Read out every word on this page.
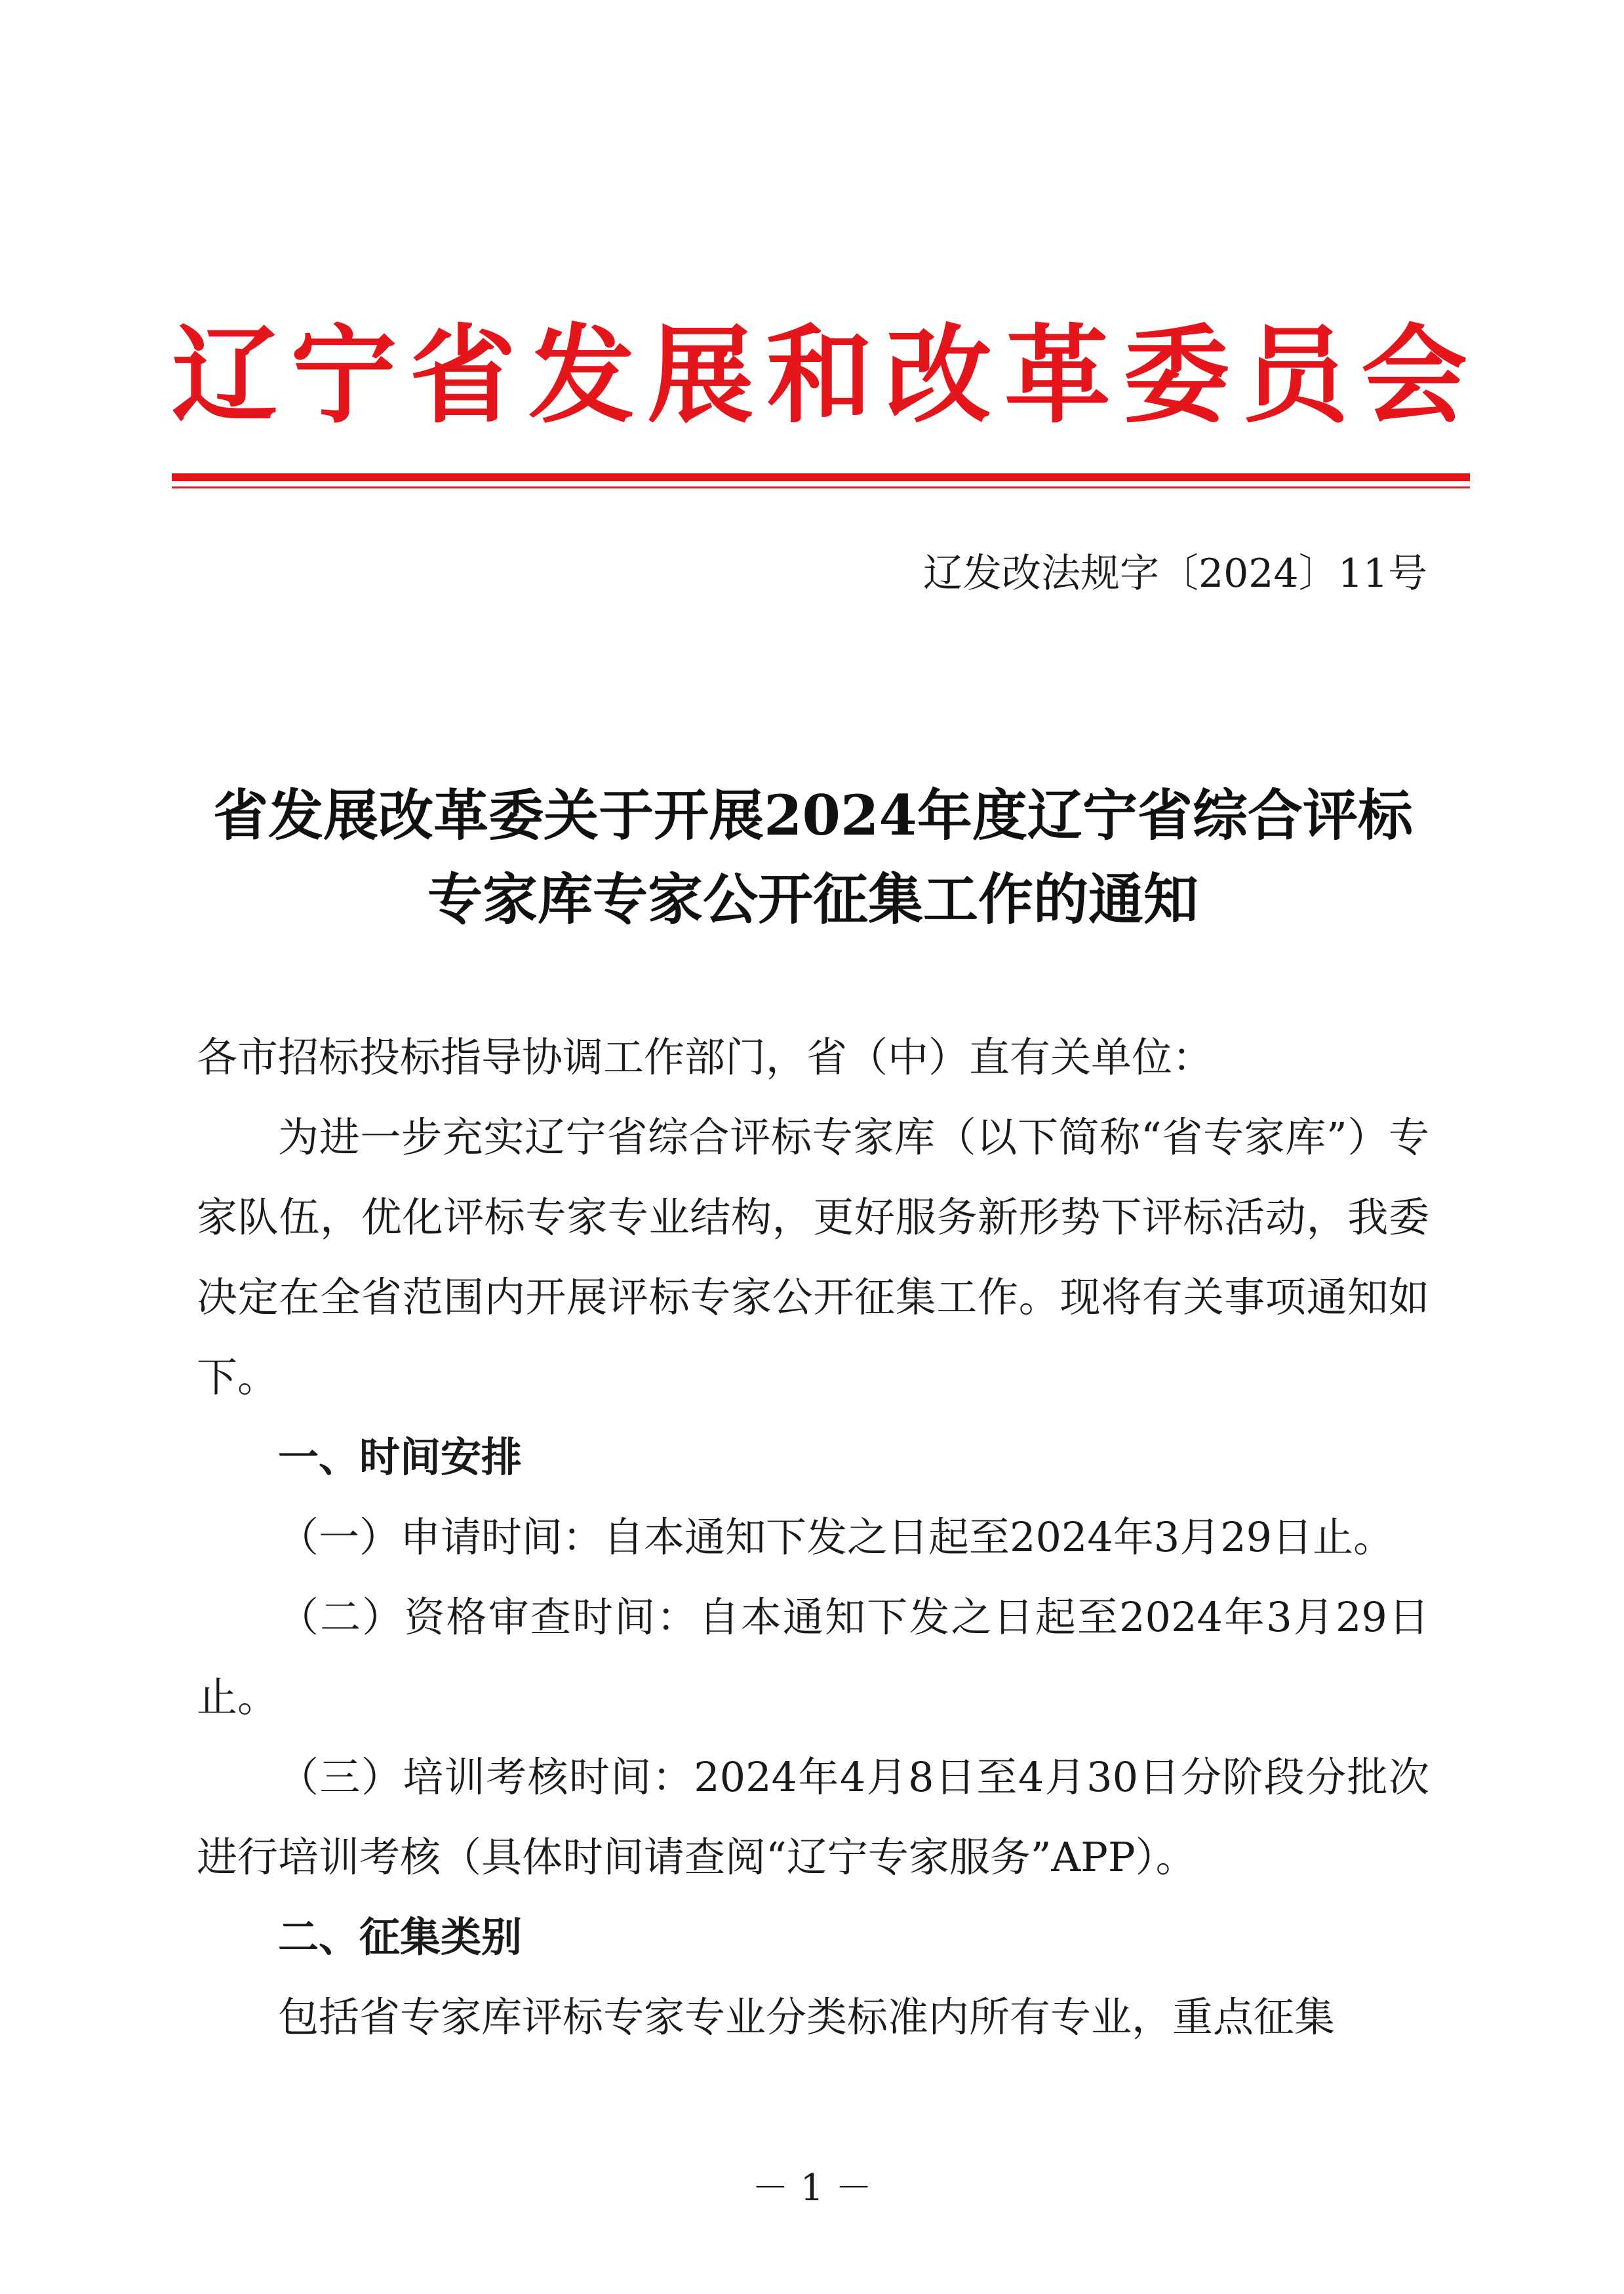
辽宁省发展和改革委员会
辽发改法规字〔2024〕11号
省发展改革委关于开展2024年度辽宁省综合评标
专家库专家公开征集工作的通知

各市招标投标指导协调工作部门，省（中）直有关单位：

为进一步充实辽宁省综合评标专家库（以下简称“省专家库”）专家队伍，优化评标专家专业结构，更好服务新形势下评标活动，我委决定在全省范围内开展评标专家公开征集工作。现将有关事项通知如下。

一、时间安排

（一）申请时间：自本通知下发之日起至2024年3月29日止。

（二）资格审查时间：自本通知下发之日起至2024年3月29日止。

（三）培训考核时间：2024年4月8日至4月30日分阶段分批次进行培训考核（具体时间请查阅“辽宁专家服务”APP）。

二、征集类别

包括省专家库评标专家专业分类标准内所有专业，重点征集

－ 1 －
